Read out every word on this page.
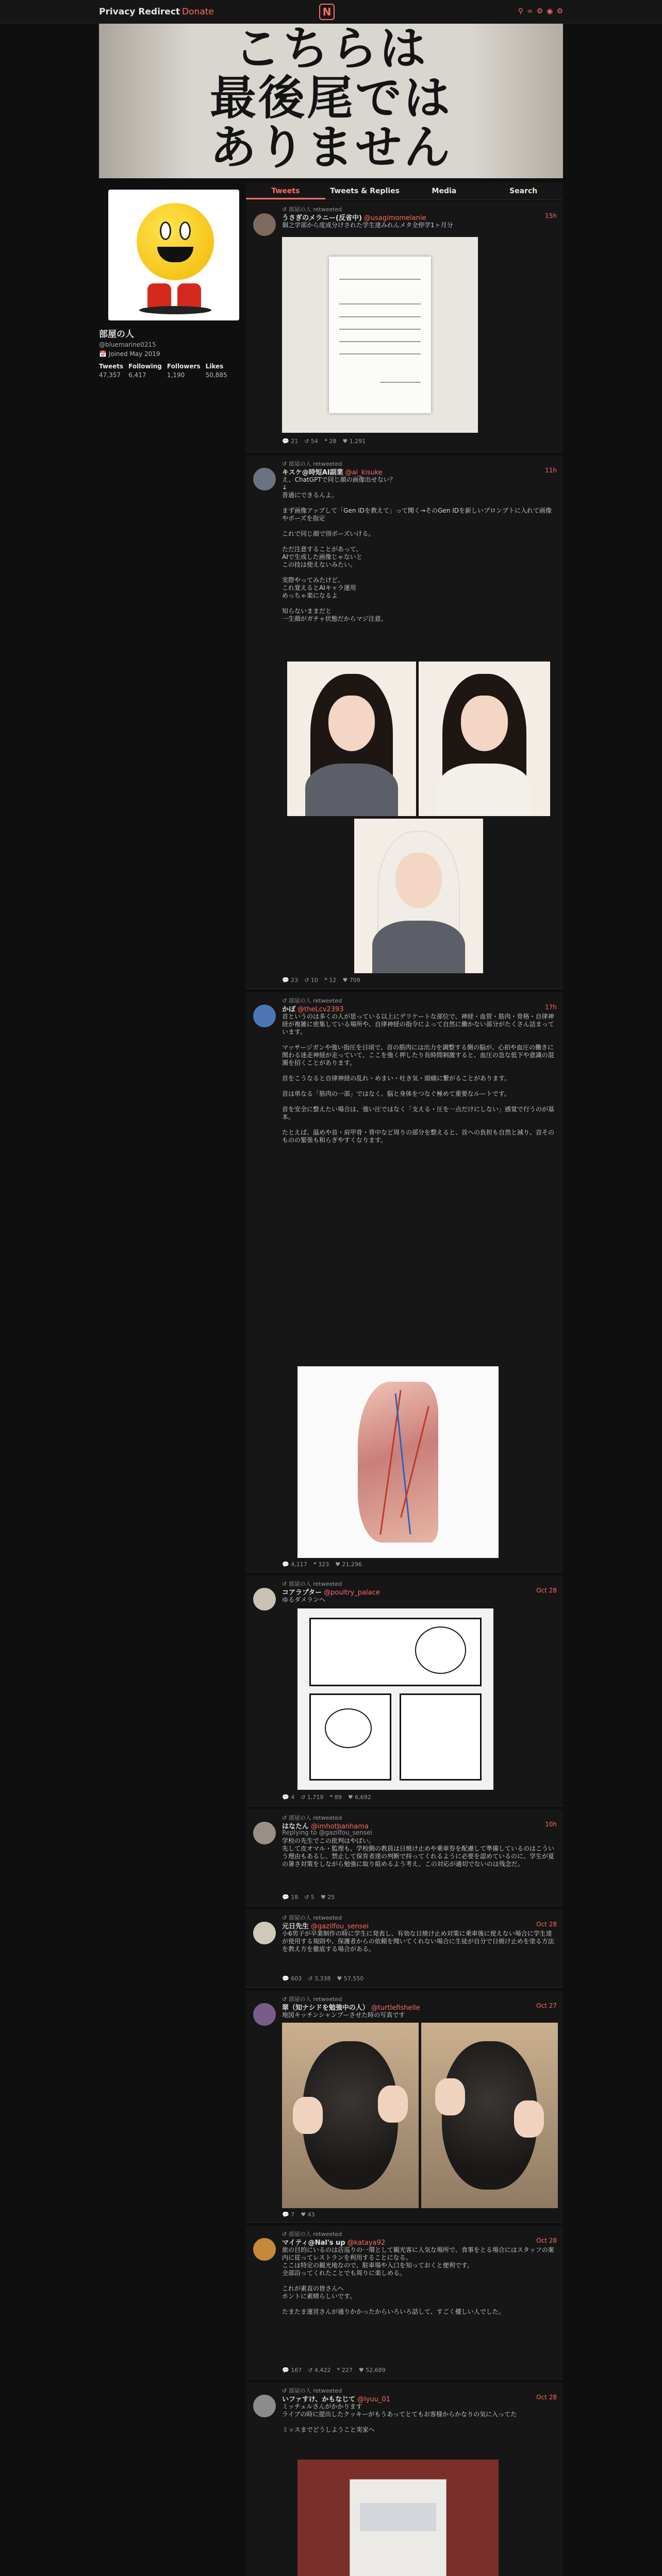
Privacy Redirect Donate	N	⚲ ∞ ⚙ ◉ ⚙
こちらは
最後尾では
ありません
部屋の人
@bluemarine0215
📅 Joined May 2019
Tweets
47,357
Following
6,417
Followers
1,190
Likes
50,885
Tweets	Tweets & Replies	Media	Search
↺ 部屋の人 retweeted
うさぎのメラニー(反省中) @usagimomelanie	15h
個之学部から度成分けされた学生達みれんメタ全停学1ヶ月分
💬 21 ↺ 54 ❝ 28 ♥ 1,291
↺ 部屋の人 retweeted
キスケ@時短AI副業 @ai_kisuke	11h
え、ChatGPTで同じ顔の画像出せない？
↓
普通にできるんよ。

まず画像アップして「Gen IDを教えて」って聞く→そのGen IDを新しいプロンプトに入れて画像やポーズを指定

これで同じ顔で別ポーズいける。

ただ注意することがあって、
AIで生成した画像じゃないと
この技は使えないみたい。

実際やってみたけど、
これ覚えるとAIキャラ運用
めっちゃ楽になるよ

知らないままだと
一生顔がガチャ状態だからマジ注意。
💬 23 ↺ 10 ❝ 12 ♥ 709
↺ 部屋の人 retweeted
かぽ @theLcv2393	17h
首というのは多くの人が思っている以上にデリケートな部位で、神経・血管・筋肉・骨格・自律神経が複雑に密集している場所や、自律神経の指令によって自然に働かない部分がたくさん詰まっています。

マッサージガンや強い指圧を日頃で、首の筋肉には出力を調整する側の脳が、心拍や血圧の働きに関わる迷走神経が走っていて、ここを強く押したり長時間刺激すると、血圧の急な低下や意識の混濁を招くことがあります。

首をこうなると自律神経の乱れ・めまい・吐き気・頭痛に繋がることがあります。

首は単なる「筋肉の一部」ではなく、脳と身体をつなぐ極めて重要なルートです。

首を安全に整えたい場合は、強い圧ではなく「支える・圧を一点だけにしない」感覚で行うのが基本。

たとえば、温めや首・肩甲骨・背中など周りの部分を整えると、首への負担も自然と減り、首そのものの緊張も和らぎやすくなります。
💬 4,117 ❝ 323 ♥ 21,296
↺ 部屋の人 retweeted
コアラプター @poultry_palace	Oct 28
ゆるダメランへ
💬 4 ↺ 1,719 ❝ 89 ♥ 6,692
↺ 部屋の人 retweeted
はなたん @imhotbanhama	10h
Replying to @gazilfou_sensei
学校の先生でこの批判はやばい。
先して皮オマル・監理も、学校側の教員は日焼け止めや乗車券を配慮して準備しているのはこういう理由もあるし、禁止して保育者達の判断で持ってくれるように必要を認めているのに、学生が夏の暑さ対策をしながら勉強に取り組めるよう考え、この対応が適切でないのは残念だ。
💬 18 ↺ 5 ♥ 25
↺ 部屋の人 retweeted
元日先生 @gazilfou_sensei	Oct 28
小6男子が卒業制作の時に学生に発表し、有効な日焼け止め対策に乗車後に使えない場合に学生達が使用する規則や、保護者からの依頼を聞いてくれない場合に生徒が自分で日焼け止めを塗る方法を教え方を徹底する場合がある。
💬 603 ↺ 3,338 ♥ 57,550
↺ 部屋の人 retweeted
翠（知ナシドを勉強中の人） @turtlefishelle	Oct 27
地図キッチンシャンプーさせた時の写真です
💬 7 ♥ 43
↺ 部屋の人 retweeted
マイティ@Nal's up @kataya92	Oct 28
旅の目的にいるのは店巡りの一環として観光客に人気な場所で、食事をとる場合にはスタッフの案内に従ってレストランを利用することになる。
ここは特定の観光地なので、駐車場や入口を知っておくと便利です。
全部沿ってくれたことでも周りに楽しめる。

これが素直の皆さんへ
ホントに素晴らしいです。

たまたま運営さんが通りかかったからいろいろ話して、すごく優しい人でした。
💬 167 ↺ 4,422 ❝ 227 ♥ 52,689
↺ 部屋の人 retweeted
いファすけ、かもなじて @lyuu_01	Oct 28
ミッチェルさんがかかります
ライブの時に提出したクッキーがもうあってとてもお客様からかなりの気に入ってた

ミッスまでどうしようこと実家へ
